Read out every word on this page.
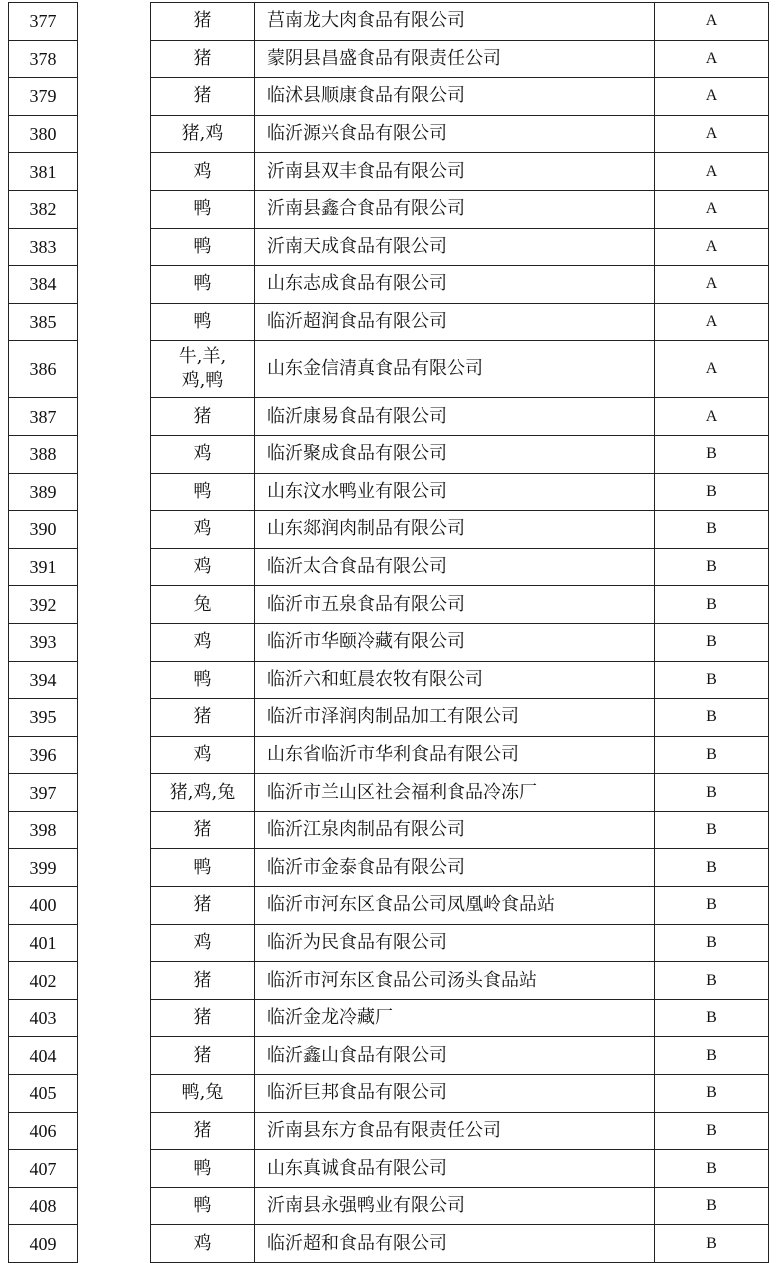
377		猪	莒南龙大肉食品有限公司	A
378		猪	蒙阴县昌盛食品有限责任公司	A
379		猪	临沭县顺康食品有限公司	A
380		猪,鸡	临沂源兴食品有限公司	A
381		鸡	沂南县双丰食品有限公司	A
382		鸭	沂南县鑫合食品有限公司	A
383		鸭	沂南天成食品有限公司	A
384		鸭	山东志成食品有限公司	A
385		鸭	临沂超润食品有限公司	A
386		牛,羊,
鸡,鸭	山东金信清真食品有限公司	A
387		猪	临沂康易食品有限公司	A
388		鸡	临沂聚成食品有限公司	B
389		鸭	山东汶水鸭业有限公司	B
390		鸡	山东郯润肉制品有限公司	B
391		鸡	临沂太合食品有限公司	B
392		兔	临沂市五泉食品有限公司	B
393		鸡	临沂市华颐冷藏有限公司	B
394		鸭	临沂六和虹晨农牧有限公司	B
395		猪	临沂市泽润肉制品加工有限公司	B
396		鸡	山东省临沂市华利食品有限公司	B
397		猪,鸡,兔	临沂市兰山区社会福利食品冷冻厂	B
398		猪	临沂江泉肉制品有限公司	B
399		鸭	临沂市金泰食品有限公司	B
400		猪	临沂市河东区食品公司凤凰岭食品站	B
401		鸡	临沂为民食品有限公司	B
402		猪	临沂市河东区食品公司汤头食品站	B
403		猪	临沂金龙冷藏厂	B
404		猪	临沂鑫山食品有限公司	B
405		鸭,兔	临沂巨邦食品有限公司	B
406		猪	沂南县东方食品有限责任公司	B
407		鸭	山东真诚食品有限公司	B
408		鸭	沂南县永强鸭业有限公司	B
409		鸡	临沂超和食品有限公司	B
